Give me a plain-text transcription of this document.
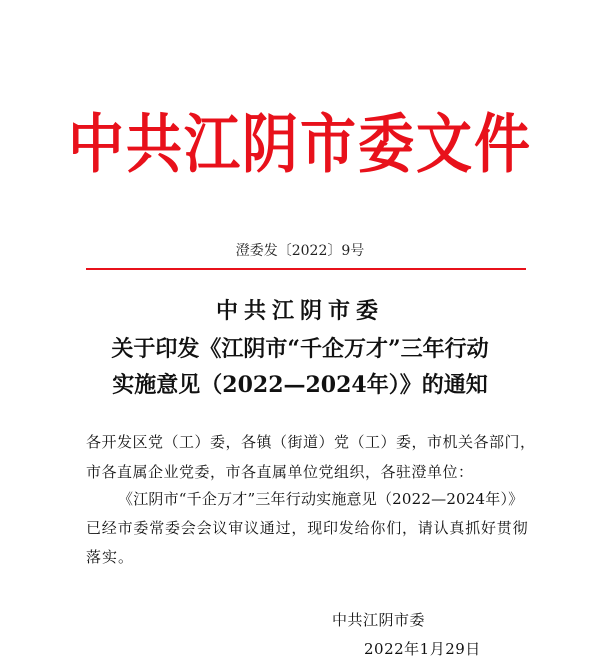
中共江阴市委文件
澄委发〔2022〕9号
中共江阴市委
关于印发《江阴市“千企万才”三年行动
实施意见（2022—2024年）》的通知
各开发区党（工）委，各镇（街道）党（工）委，市机关各部门，
市各直属企业党委，市各直属单位党组织，各驻澄单位：
《江阴市“千企万才”三年行动实施意见（2022—2024年）》
已经市委常委会会议审议通过，现印发给你们，请认真抓好贯彻
落实。
中共江阴市委
2022年1月29日
